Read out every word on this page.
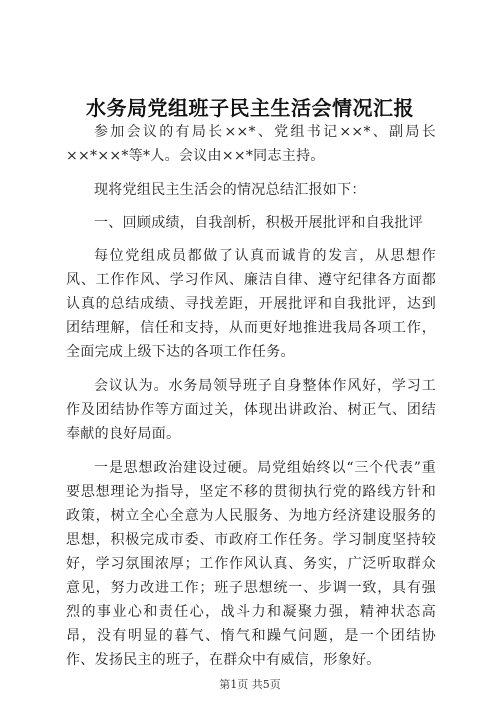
水务局党组班子民主生活会情况汇报

参加会议的有局长××*、党组书记××*、副局长××*××*等*人。会议由××*同志主持。

现将党组民主生活会的情况总结汇报如下：

一、回顾成绩，自我剖析，积极开展批评和自我批评

每位党组成员都做了认真而诚肯的发言，从思想作风、工作作风、学习作风、廉洁自律、遵守纪律各方面都认真的总结成绩、寻找差距，开展批评和自我批评，达到团结理解，信任和支持，从而更好地推进我局各项工作，全面完成上级下达的各项工作任务。

会议认为。水务局领导班子自身整体作风好，学习工作及团结协作等方面过关，体现出讲政治、树正气、团结奉献的良好局面。

一是思想政治建设过硬。局党组始终以“三个代表”重要思想理论为指导，坚定不移的贯彻执行党的路线方针和政策，树立全心全意为人民服务、为地方经济建设服务的思想，积极完成市委、市政府工作任务。学习制度坚持较好，学习氛围浓厚；工作作风认真、务实，广泛听取群众意见，努力改进工作；班子思想统一、步调一致，具有强烈的事业心和责任心，战斗力和凝聚力强，精神状态高昂，没有明显的暮气、惰气和躁气问题，是一个团结协作、发扬民主的班子，在群众中有威信，形象好。

第1页 共5页
